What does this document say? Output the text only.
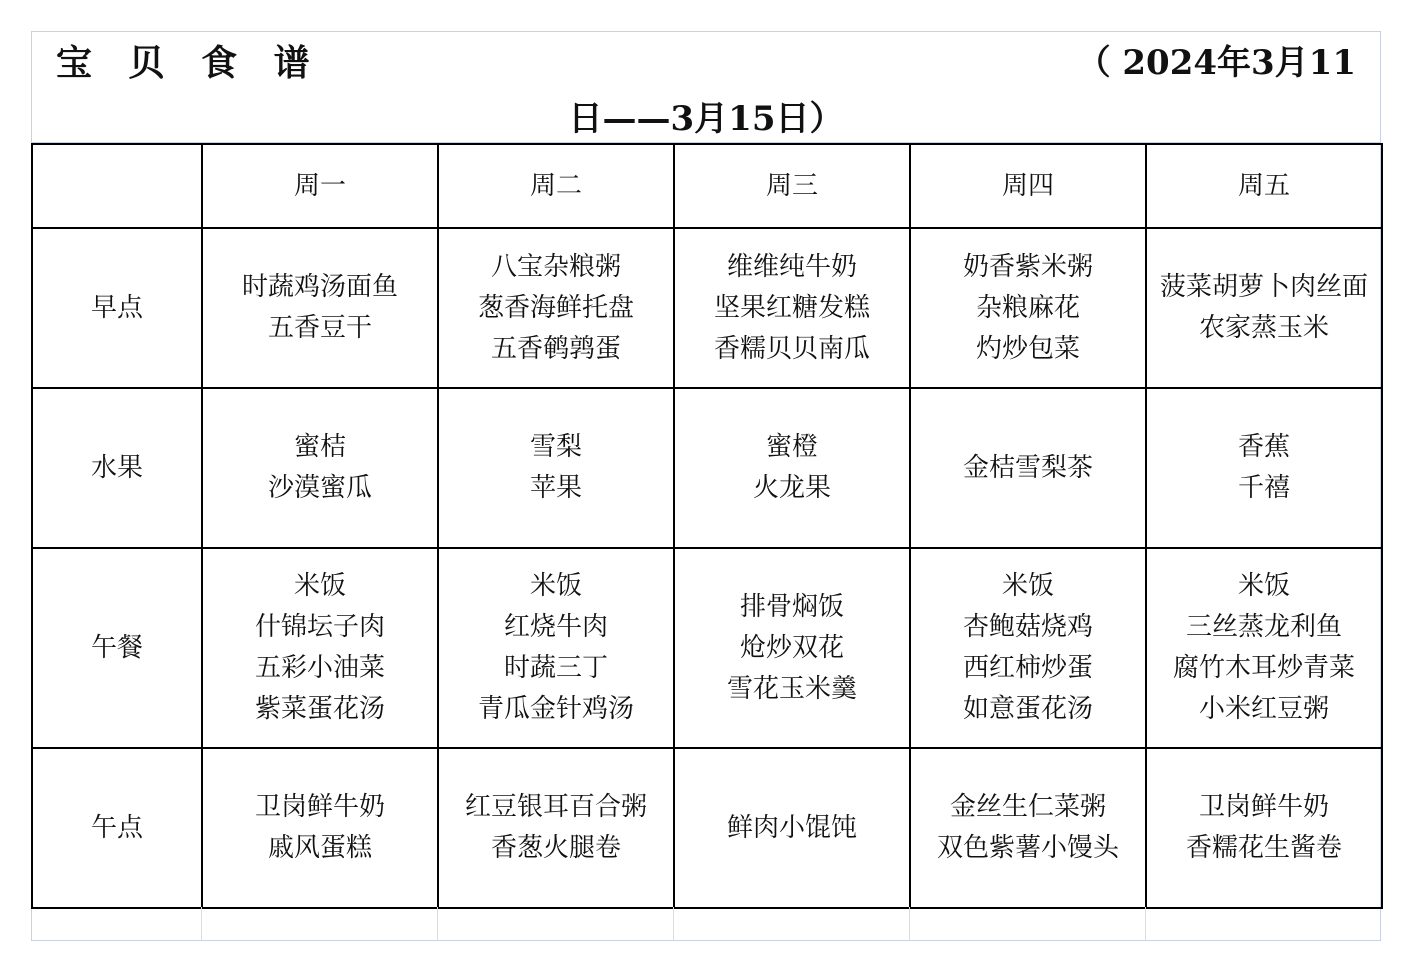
宝 贝 食 谱	（ 2024年3月11
日——3月15日）
	周一	周二	周三	周四	周五
早点	时蔬鸡汤面鱼
五香豆干	八宝杂粮粥
葱香海鲜托盘
五香鹌鹑蛋	维维纯牛奶
坚果红糖发糕
香糯贝贝南瓜	奶香紫米粥
杂粮麻花
灼炒包菜	菠菜胡萝卜肉丝面
农家蒸玉米

水果	蜜桔
沙漠蜜瓜	雪梨
苹果	蜜橙
火龙果	金桔雪梨茶	香蕉
千禧

午餐	米饭
什锦坛子肉
五彩小油菜
紫菜蛋花汤	米饭
红烧牛肉
时蔬三丁
青瓜金针鸡汤	排骨焖饭
炝炒双花
雪花玉米羹	米饭
杏鲍菇烧鸡
西红柿炒蛋
如意蛋花汤	米饭
三丝蒸龙利鱼
腐竹木耳炒青菜
小米红豆粥

午点	卫岗鲜牛奶
戚风蛋糕	红豆银耳百合粥
香葱火腿卷	鲜肉小馄饨	金丝生仁菜粥
双色紫薯小馒头	卫岗鲜牛奶
香糯花生酱卷
